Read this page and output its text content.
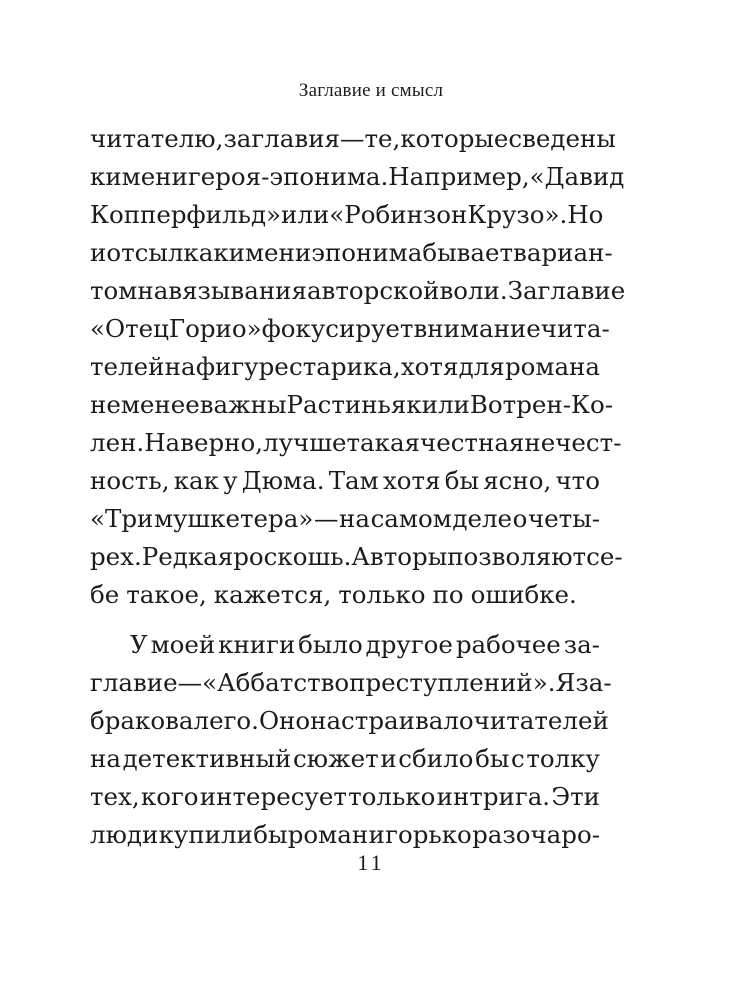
Заглавие и смысл
читателю, заглавия — те, которые сведены
к имени героя-эпонима. Например, «Давид
Копперфильд» или «Робинзон Крузо». Но
и отсылка к имени эпонима бывает вариан-
том навязывания авторской воли. Заглавие
«Отец Горио» фокусирует внимание чита-
телей на фигуре старика, хотя для романа
не менее важны Растиньяк или Вотрен-Ко-
лен. Наверно, лучше такая честная нечест-
ность, как у Дюма. Там хотя бы ясно, что
«Три мушкетера» — на самом деле о четы-
рех. Редкая роскошь. Авторы позволяют се-
бе такое, кажется, только по ошибке.
У моей книги было другое рабочее за-
главие — «Аббатство преступлений». Я за-
браковал его. Оно настраивало читателей
на детективный сюжет и сбило бы с толку
тех, кого интересует только интрига. Эти
люди купили бы роман и горько разочаро-
11
